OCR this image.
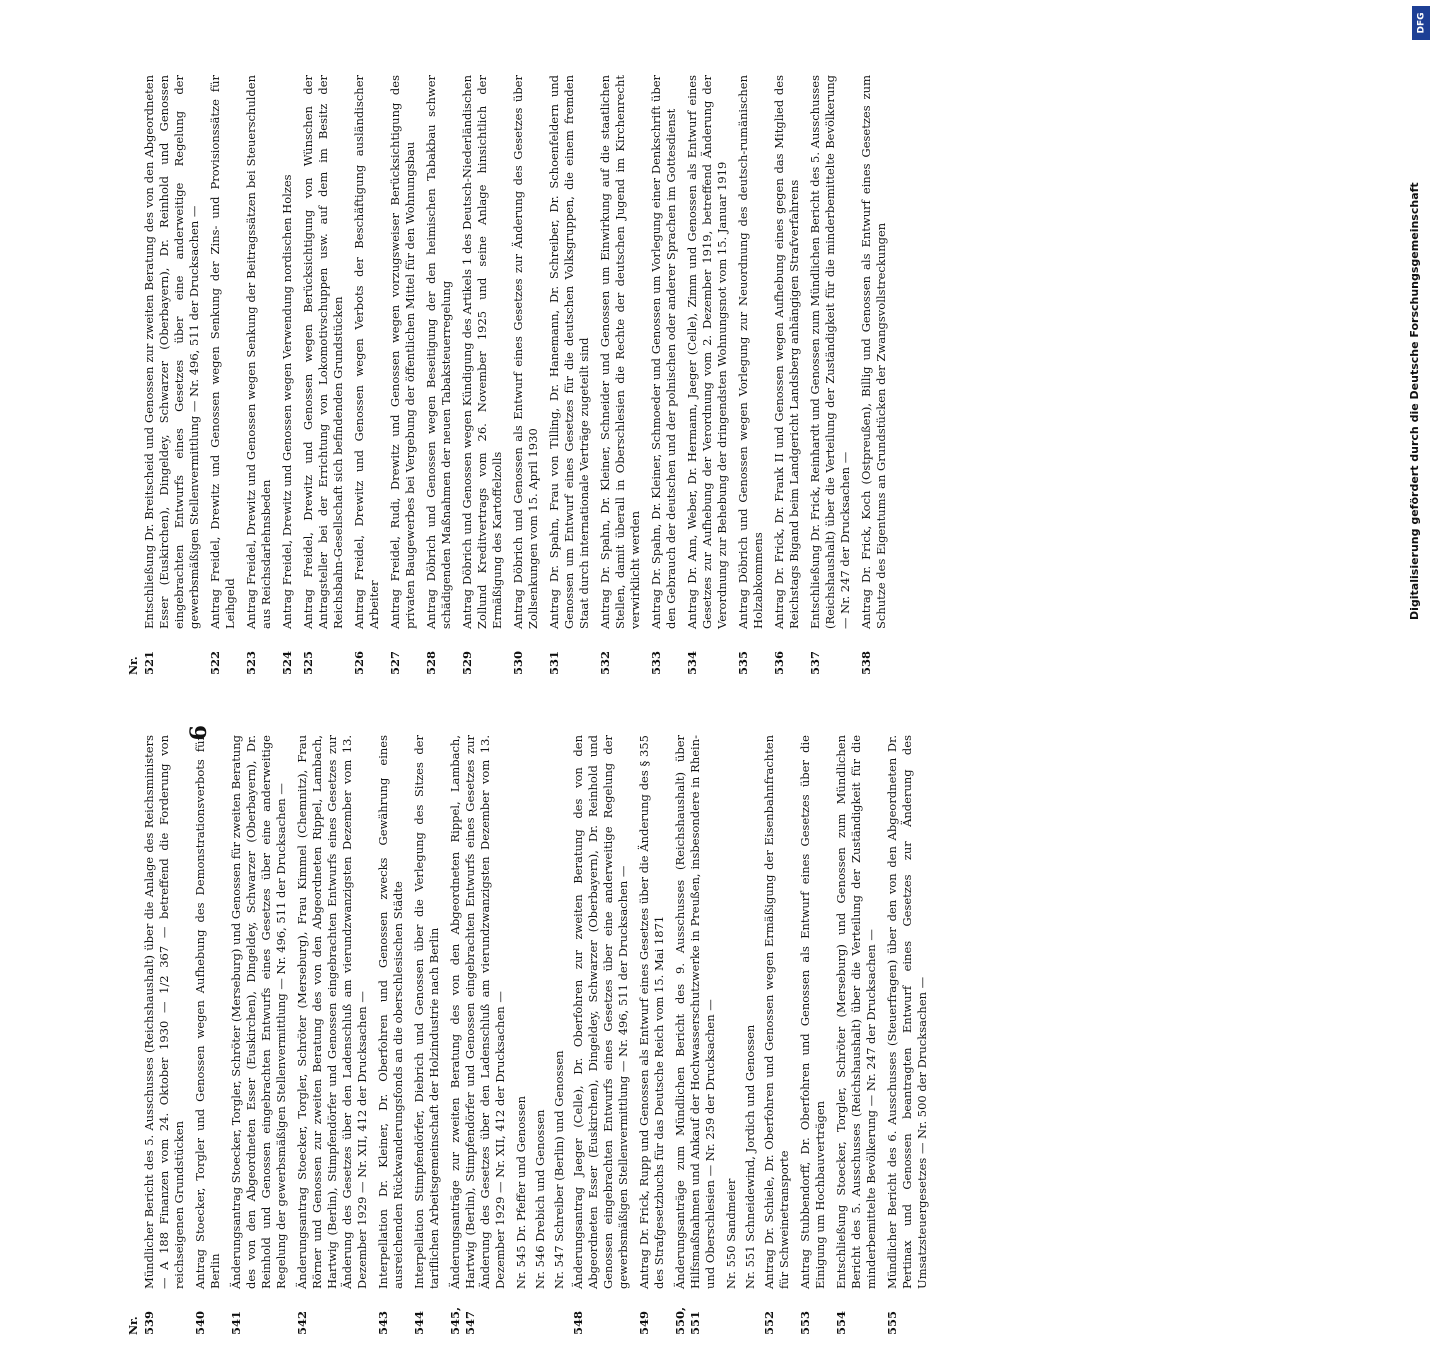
6
Nr. 521
Entschließung Dr. Breitscheid und Genossen zur zweiten Beratung des von den Abgeordneten Esser (Euskirchen), Dingeldey, Schwarzer (Oberbayern), Dr. Reinhold und Genossen eingebrachten Entwurfs eines Gesetzes über eine anderweitige Regelung der gewerbsmäßigen Stellenvermittlung — Nr. 496, 511 der Drucksachen —
522
Antrag Freidel, Drewitz und Genossen wegen Senkung der Zins- und Provisionssätze für Leihgeld
523
Antrag Freidel, Drewitz und Genossen wegen Senkung der Beitragssätzen bei Steuerschulden aus Reichsdarlehnsbeden
524
Antrag Freidel, Drewitz und Genossen wegen Verwendung nordischen Holzes
525
Antrag Freidel, Drewitz und Genossen wegen Berücksichtigung von Wünschen der Antragsteller bei der Errichtung von Lokomotivschuppen usw. auf dem im Besitz der Reichsbahn-Gesellschaft sich befindenden Grundstücken
526
Antrag Freidel, Drewitz und Genossen wegen Verbots der Beschäftigung ausländischer Arbeiter
527
Antrag Freidel, Rudi, Drewitz und Genossen wegen vorzugsweiser Berücksichtigung des privaten Baugewerbes bei Vergebung der öffentlichen Mittel für den Wohnungsbau
528
Antrag Döbrich und Genossen wegen Beseitigung der den heimischen Tabakbau schwer schädigenden Maßnahmen der neuen Tabaksteuerregelung
529
Antrag Döbrich und Genossen wegen Kündigung des Artikels 1 des Deutsch-Niederländischen Zollund Kreditvertrags vom 26. November 1925 und seine Anlage hinsichtlich der Ermäßigung des Kartoffelzolls
530
Antrag Döbrich und Genossen als Entwurf eines Gesetzes zur Änderung des Gesetzes über Zollsenkungen vom 15. April 1930
531
Antrag Dr. Spahn, Frau von Tilling, Dr. Hanemann, Dr. Schreiber, Dr. Schoenfeldern und Genossen um Entwurf eines Gesetzes für die deutschen Volksgruppen, die einem fremden Staat durch internationale Verträge zugeteilt sind
532
Antrag Dr. Spahn, Dr. Kleiner, Schneider und Genossen um Einwirkung auf die staatlichen Stellen, damit überall in Oberschlesien die Rechte der deutschen Jugend im Kirchenrecht verwirklicht werden
533
Antrag Dr. Spahn, Dr. Kleiner, Schmoeder und Genossen um Vorlegung einer Denkschrift über den Gebrauch der deutschen und der polnischen oder anderer Sprachen im Gottesdienst
534
Antrag Dr. Ann, Weber, Dr. Hermann, Jaeger (Celle), Zimm und Genossen als Entwurf eines Gesetzes zur Aufhebung der Verordnung vom 2. Dezember 1919, betreffend Änderung der Verordnung zur Behebung der dringendsten Wohnungsnot vom 15. Januar 1919
535
Antrag Döbrich und Genossen wegen Vorlegung zur Neuordnung des deutsch-rumänischen Holzabkommens
536
Antrag Dr. Frick, Dr. Frank II und Genossen wegen Aufhebung eines gegen das Mitglied des Reichstags Bigand beim Landgericht Landsberg anhängigen Strafverfahrens
537
Entschließung Dr. Frick, Reinhardt und Genossen zum Mündlichen Bericht des 5. Ausschusses (Reichshaushalt) über die Verteilung der Zuständigkeit für die minderbemittelte Bevölkerung — Nr. 247 der Drucksachen —
538
Antrag Dr. Frick, Koch (Ostpreußen), Billig und Genossen als Entwurf eines Gesetzes zum Schutze des Eigentums an Grundstücken der Zwangsvollstreckungen
Nr. 539
Mündlicher Bericht des 5. Ausschusses (Reichshaushalt) über die Anlage des Reichsministers — A 188 Finanzen vom 24. Oktober 1930 — 1/2 367 — betreffend die Forderung von reichseigenen Grundstücken
540
Antrag Stoecker, Torgler und Genossen wegen Aufhebung des Demonstrationsverbots für Berlin
541
Änderungsantrag Stoecker, Torgler, Schröter (Merseburg) und Genossen für zweiten Beratung des von den Abgeordneten Esser (Euskirchen), Dingeldey, Schwarzer (Oberbayern), Dr. Reinhold und Genossen eingebrachten Entwurfs eines Gesetzes über eine anderweitige Regelung der gewerbsmäßigen Stellenvermittlung — Nr. 496, 511 der Drucksachen —
542
Änderungsantrag Stoecker, Torgler, Schröter (Merseburg), Frau Kimmel (Chemnitz), Frau Rörner und Genossen zur zweiten Beratung des von den Abgeordneten Rippel, Lambach, Hartwig (Berlin), Stimpfendörfer und Genossen eingebrachten Entwurfs eines Gesetzes zur Änderung des Gesetzes über den Ladenschluß am vierundzwanzigsten Dezember vom 13. Dezember 1929 — Nr. XII, 412 der Drucksachen —
543
Interpellation Dr. Kleiner, Dr. Oberfohren und Genossen zwecks Gewährung eines ausreichenden Rückwanderungsfonds an die oberschlesischen Städte
544
Interpellation Stimpfendörfer, Diebrich und Genossen über die Verlegung des Sitzes der tariflichen Arbeitsgemeinschaft der Holzindustrie nach Berlin
545, 547
Änderungsanträge zur zweiten Beratung des von den Abgeordneten Rippel, Lambach, Hartwig (Berlin), Stimpfendörfer und Genossen eingebrachten Entwurfs eines Gesetzes zur Änderung des Gesetzes über den Ladenschluß am vierundzwanzigsten Dezember vom 13. Dezember 1929 — Nr. XII, 412 der Drucksachen — Nr. 545 Dr. Pfeffer und Genossen Nr. 546 Drebich und Genossen Nr. 547 Schreiber (Berlin) und Genossen
548
Änderungsantrag Jaeger (Celle), Dr. Oberfohren zur zweiten Beratung des von den Abgeordneten Esser (Euskirchen), Dingeldey, Schwarzer (Oberbayern), Dr. Reinhold und Genossen eingebrachten Entwurfs eines Gesetzes über eine anderweitige Regelung der gewerbsmäßigen Stellenvermittlung — Nr. 496, 511 der Drucksachen —
549
Antrag Dr. Frick, Rupp und Genossen als Entwurf eines Gesetzes über die Änderung des § 355 des Strafgesetzbuchs für das Deutsche Reich vom 15. Mai 1871
550, 551
Änderungsanträge zum Mündlichen Bericht des 9. Ausschusses (Reichshaushalt) über Hilfsmaßnahmen und Ankauf der Hochwasserschutzwerke in Preußen, insbesondere in Rhein- und Oberschlesien — Nr. 259 der Drucksachen — Nr. 550 Sandmeier Nr. 551 Schneidewind, Jordich und Genossen
552
Antrag Dr. Schiele, Dr. Oberfohren und Genossen wegen Ermäßigung der Eisenbahnfrachten für Schweinetransporte
553
Antrag Stubbendorff, Dr. Oberfohren und Genossen als Entwurf eines Gesetzes über die Einigung um Hochbauverträgen
554
Entschließung Stoecker, Torgler, Schröter (Merseburg) und Genossen zum Mündlichen Bericht des 5. Ausschusses (Reichshaushalt) über die Verteilung der Zuständigkeit für die minderbemittelte Bevölkerung — Nr. 247 der Drucksachen —
555
Mündlicher Bericht des 6. Ausschusses (Steuerfragen) über den von den Abgeordneten Dr. Pertinax und Genossen beantragten Entwurf eines Gesetzes zur Änderung des Umsatzsteuergesetzes — Nr. 500 der Drucksachen —
DFG
Digitalisierung gefördert durch die Deutsche Forschungsgemeinschaft
